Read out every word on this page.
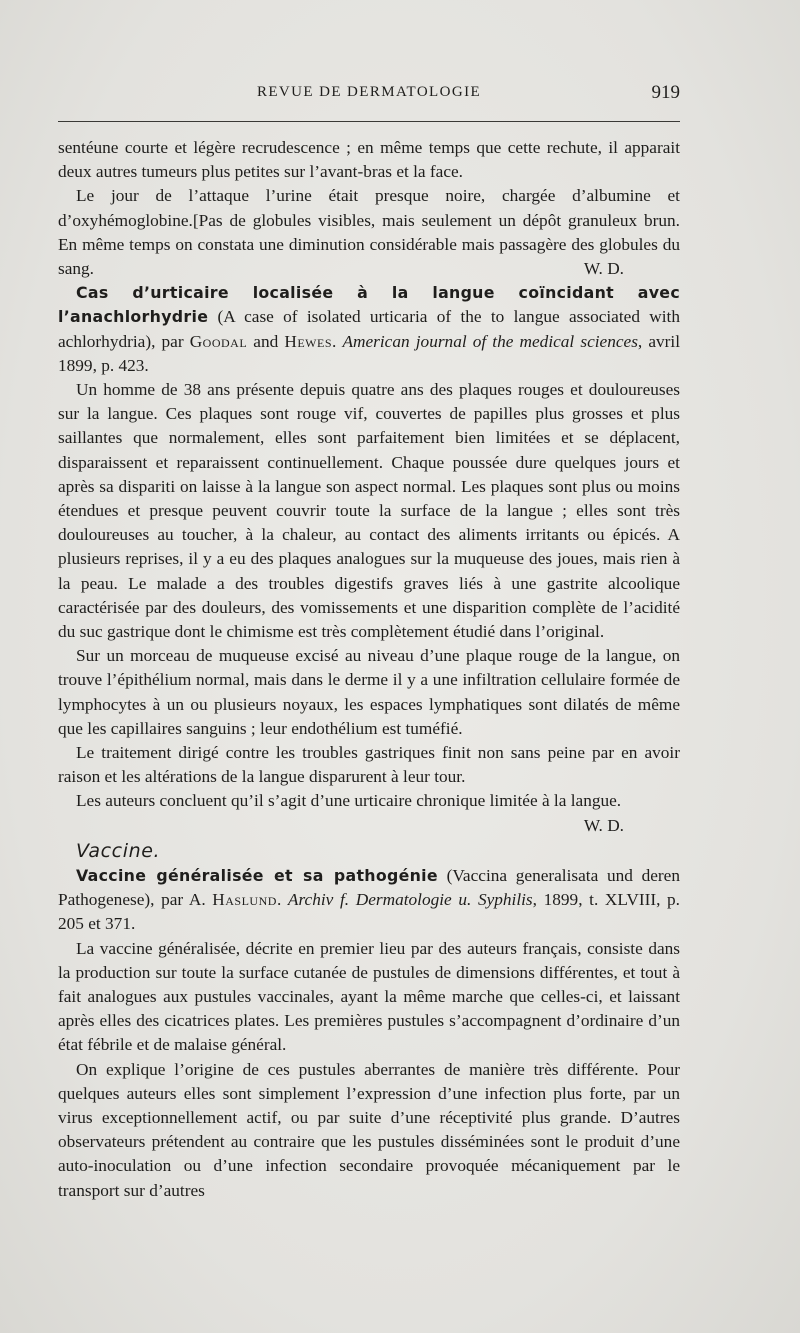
REVUE DE DERMATOLOGIE	919

sentéune courte et légère recrudescence ; en même temps que cette rechute, il apparait deux autres tumeurs plus petites sur l’avant-bras et la face.

Le jour de l’attaque l’urine était presque noire, chargée d’albumine et d’oxyhémoglobine.[Pas de globules visibles, mais seulement un dépôt granuleux brun. En même temps on constata une diminution considérable mais passagère des globules du sang.	W. D.

Cas d’urticaire localisée à la langue coïncidant avec l’anachlorhydrie (A case of isolated urticaria of the to langue associated with achlorhydria), par Goodal and Hewes. American journal of the medical sciences, avril 1899, p. 423.

Un homme de 38 ans présente depuis quatre ans des plaques rouges et douloureuses sur la langue. Ces plaques sont rouge vif, couvertes de papilles plus grosses et plus saillantes que normalement, elles sont parfaitement bien limitées et se déplacent, disparaissent et reparaissent continuellement. Chaque poussée dure quelques jours et après sa dispariti on laisse à la langue son aspect normal. Les plaques sont plus ou moins étendues et presque peuvent couvrir toute la surface de la langue ; elles sont très douloureuses au toucher, à la chaleur, au contact des aliments irritants ou épicés. A plusieurs reprises, il y a eu des plaques analogues sur la muqueuse des joues, mais rien à la peau. Le malade a des troubles digestifs graves liés à une gastrite alcoolique caractérisée par des douleurs, des vomissements et une disparition complète de l’acidité du suc gastrique dont le chimisme est très complètement étudié dans l’original.

Sur un morceau de muqueuse excisé au niveau d’une plaque rouge de la langue, on trouve l’épithélium normal, mais dans le derme il y a une infiltration cellulaire formée de lymphocytes à un ou plusieurs noyaux, les espaces lymphatiques sont dilatés de même que les capillaires sanguins ; leur endothélium est tuméfié.

Le traitement dirigé contre les troubles gastriques finit non sans peine par en avoir raison et les altérations de la langue disparurent à leur tour.

Les auteurs concluent qu’il s’agit d’une urticaire chronique limitée à la langue.
W. D.

Vaccine.

Vaccine généralisée et sa pathogénie (Vaccina generalisata und deren Pathogenese), par A. Haslund. Archiv f. Dermatologie u. Syphilis, 1899, t. XLVIII, p. 205 et 371.

La vaccine généralisée, décrite en premier lieu par des auteurs français, consiste dans la production sur toute la surface cutanée de pustules de dimensions différentes, et tout à fait analogues aux pustules vaccinales, ayant la même marche que celles-ci, et laissant après elles des cicatrices plates. Les premières pustules s’accompagnent d’ordinaire d’un état fébrile et de malaise général.

On explique l’origine de ces pustules aberrantes de manière très différente. Pour quelques auteurs elles sont simplement l’expression d’une infection plus forte, par un virus exceptionnellement actif, ou par suite d’une réceptivité plus grande. D’autres observateurs prétendent au contraire que les pustules disséminées sont le produit d’une auto-inoculation ou d’une infection secondaire provoquée mécaniquement par le transport sur d’autres
